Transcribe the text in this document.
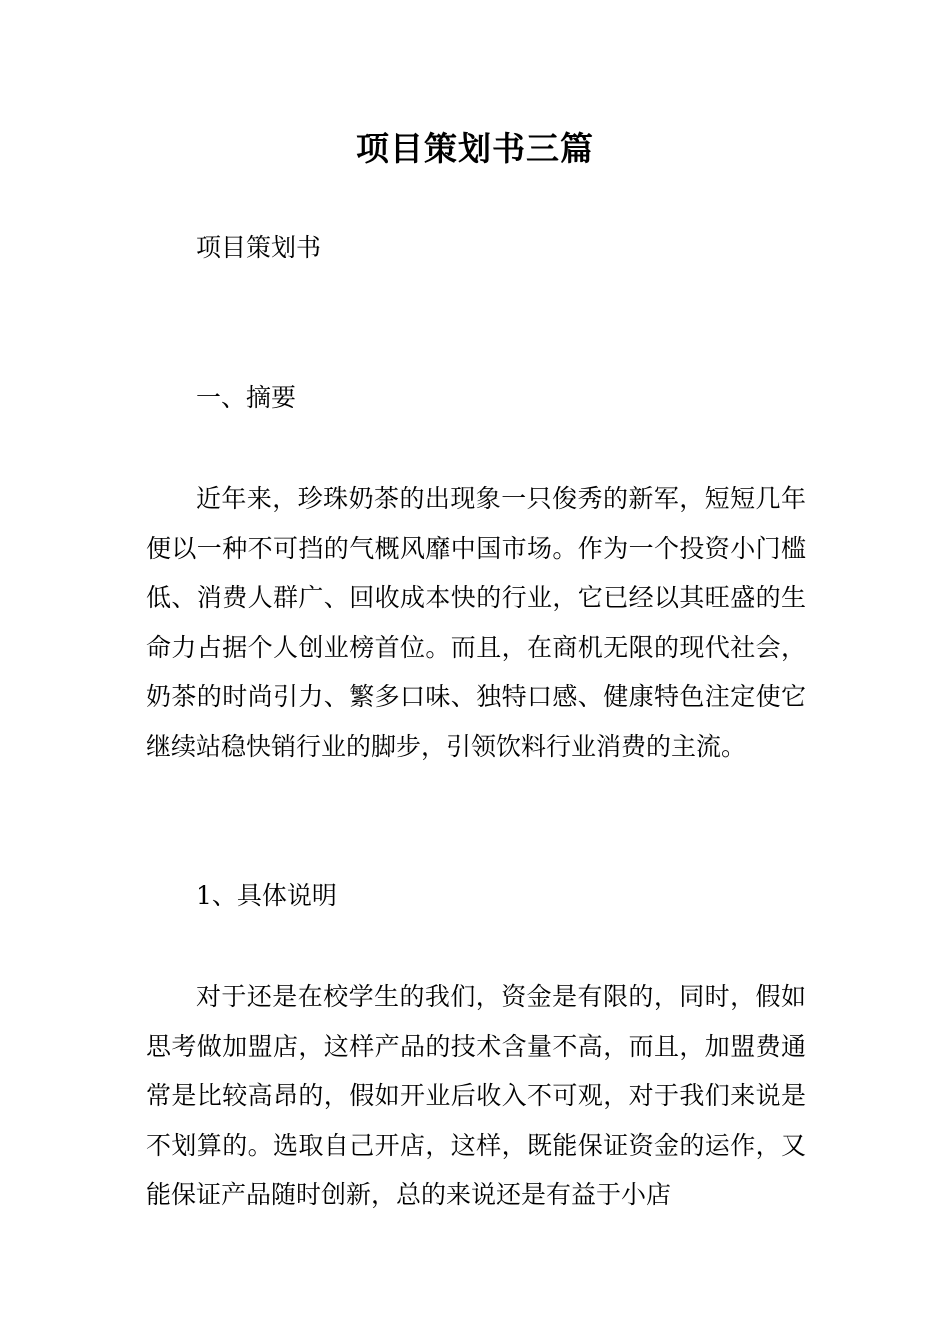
项目策划书三篇
项目策划书
一、摘要
近年来，珍珠奶茶的出现象一只俊秀的新军，短短几年便以一种不可挡的气概风靡中国市场。作为一个投资小门槛低、消费人群广、回收成本快的行业，它已经以其旺盛的生命力占据个人创业榜首位。而且，在商机无限的现代社会，奶茶的时尚引力、繁多口味、独特口感、健康特色注定使它继续站稳快销行业的脚步，引领饮料行业消费的主流。
1、具体说明
对于还是在校学生的我们，资金是有限的，同时，假如思考做加盟店，这样产品的技术含量不高，而且，加盟费通常是比较高昂的，假如开业后收入不可观，对于我们来说是不划算的。选取自己开店，这样，既能保证资金的运作，又能保证产品随时创新，总的来说还是有益于小店
